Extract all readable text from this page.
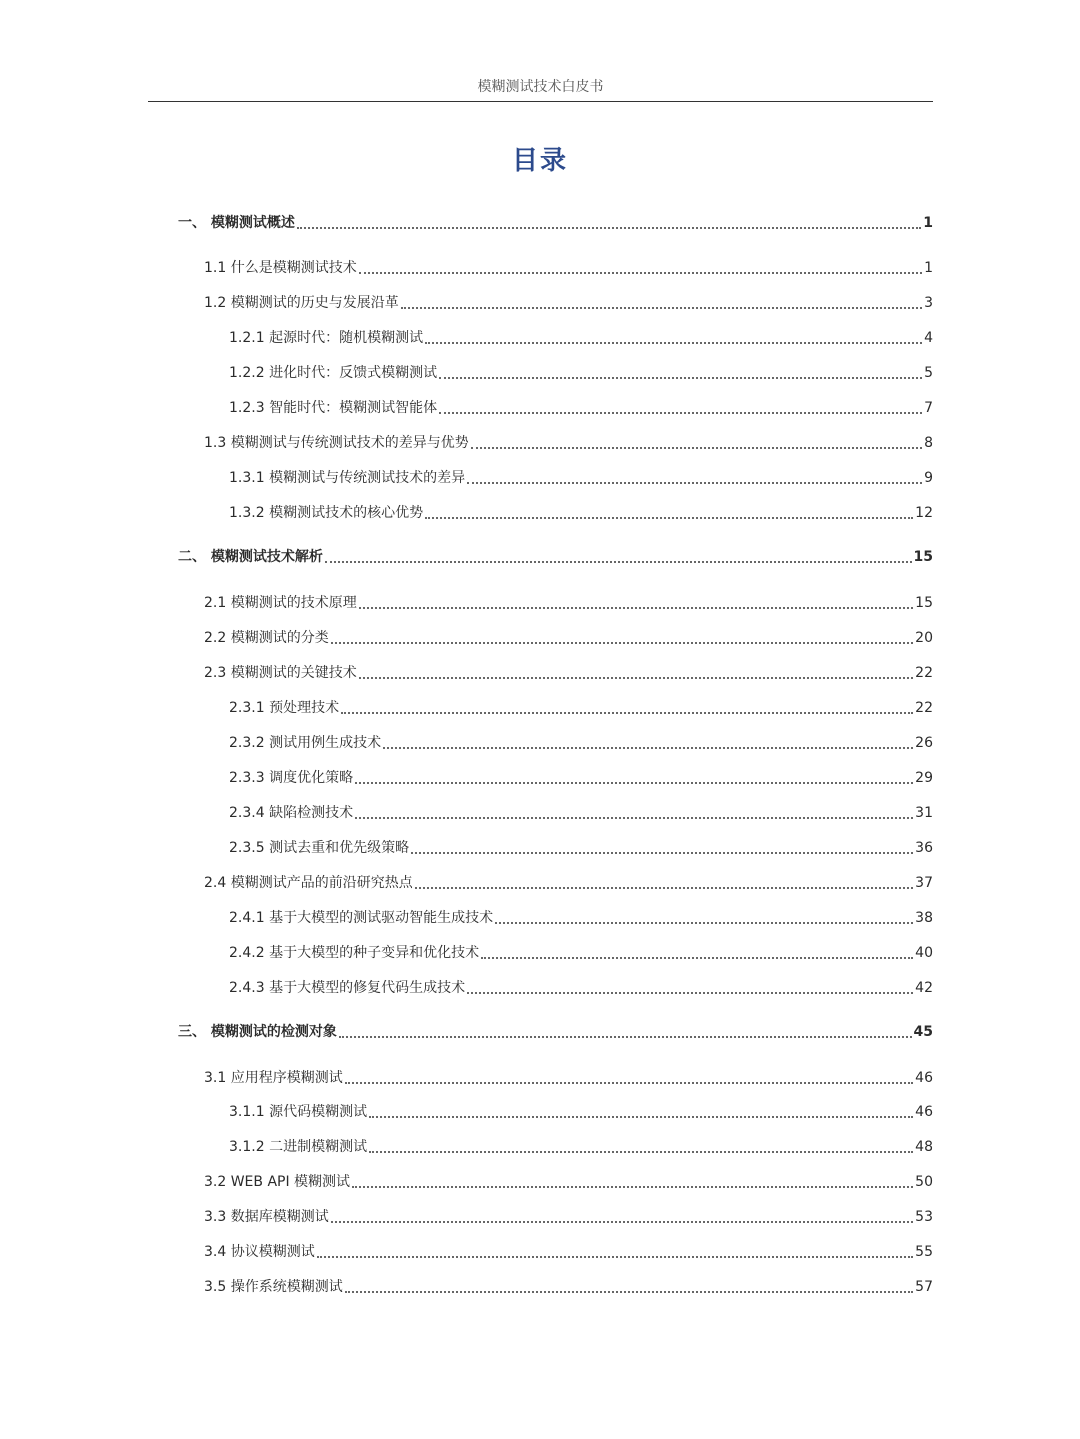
模糊测试技术白皮书
目录
一、 模糊测试概述	1
1.1 什么是模糊测试技术	1
1.2 模糊测试的历史与发展沿革	3
1.2.1 起源时代：随机模糊测试	4
1.2.2 进化时代：反馈式模糊测试	5
1.2.3 智能时代：模糊测试智能体	7
1.3 模糊测试与传统测试技术的差异与优势	8
1.3.1 模糊测试与传统测试技术的差异	9
1.3.2 模糊测试技术的核心优势	12
二、 模糊测试技术解析	15
2.1 模糊测试的技术原理	15
2.2 模糊测试的分类	20
2.3 模糊测试的关键技术	22
2.3.1 预处理技术	22
2.3.2 测试用例生成技术	26
2.3.3 调度优化策略	29
2.3.4 缺陷检测技术	31
2.3.5 测试去重和优先级策略	36
2.4 模糊测试产品的前沿研究热点	37
2.4.1 基于大模型的测试驱动智能生成技术	38
2.4.2 基于大模型的种子变异和优化技术	40
2.4.3 基于大模型的修复代码生成技术	42
三、 模糊测试的检测对象	45
3.1 应用程序模糊测试	46
3.1.1 源代码模糊测试	46
3.1.2 二进制模糊测试	48
3.2 WEB API 模糊测试	50
3.3 数据库模糊测试	53
3.4 协议模糊测试	55
3.5 操作系统模糊测试	57
